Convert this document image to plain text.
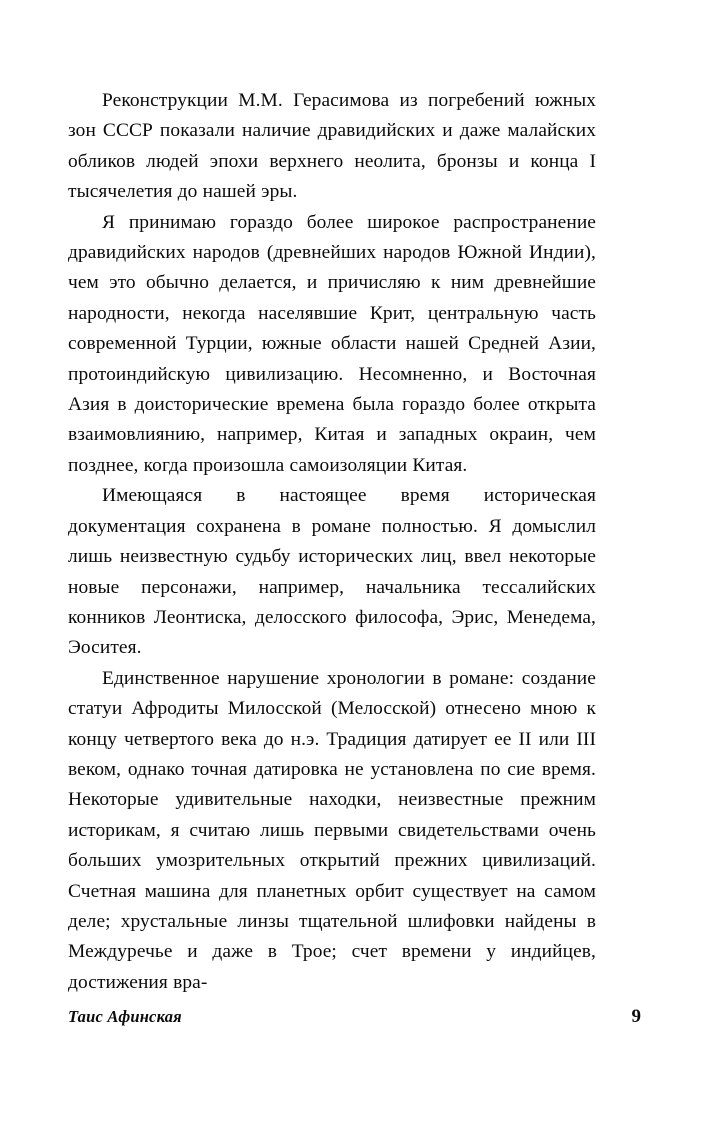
Реконструкции М.М. Герасимова из погребений южных зон СССР показали наличие дравидийских и даже малайских обликов людей эпохи верхнего неолита, бронзы и конца I тысячелетия до нашей эры.

Я принимаю гораздо более широкое распространение дравидийских народов (древнейших народов Южной Индии), чем это обычно делается, и причисляю к ним древнейшие народности, некогда населявшие Крит, центральную часть современной Турции, южные области нашей Средней Азии, протоиндийскую цивилизацию. Несомненно, и Восточная Азия в доисторические времена была гораздо более открыта взаимовлиянию, например, Китая и западных окраин, чем позднее, когда произошла самоизоляции Китая.

Имеющаяся в настоящее время историческая документация сохранена в романе полностью. Я домыслил лишь неизвестную судьбу исторических лиц, ввел некоторые новые персонажи, например, начальника тессалийских конников Леонтиска, делосского философа, Эрис, Менедема, Эоситея.

Единственное нарушение хронологии в романе: создание статуи Афродиты Милосской (Мелосской) отнесено мною к концу четвертого века до н.э. Традиция датирует ее II или III веком, однако точная датировка не установлена по сие время. Некоторые удивительные находки, неизвестные прежним историкам, я считаю лишь первыми свидетельствами очень больших умозрительных открытий прежних цивилизаций. Счетная машина для планетных орбит существует на самом деле; хрустальные линзы тщательной шлифовки найдены в Междуречье и даже в Трое; счет времени у индийцев, достижения вра-

Таис Афинская	9
